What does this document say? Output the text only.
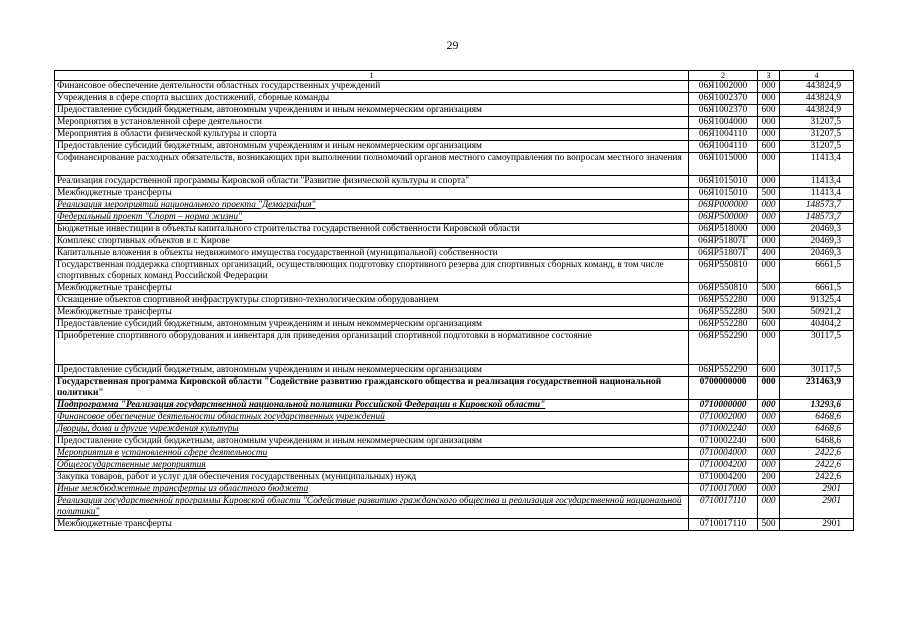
29
1	2	3	4
Финансовое обеспечение деятельности областных государственных учреждений	06Я1002000	000	443824,9
Учреждения в сфере спорта высших достижений, сборные команды	06Я1002370	000	443824,9
Предоставление субсидий бюджетным, автономным учреждениям и иным некоммерческим организациям	06Я1002370	600	443824,9
Мероприятия в установленной сфере деятельности	06Я1004000	000	31207,5
Мероприятия в области физической культуры и спорта	06Я1004110	000	31207,5
Предоставление субсидий бюджетным, автономным учреждениям и иным некоммерческим организациям	06Я1004110	600	31207,5
Софинансирование расходных обязательств, возникающих при выполнении полномочий органов местного самоуправления по вопросам местного значения	06Я1015000	000	11413,4
Реализация государственной программы Кировской области "Развитие физической культуры и спорта"	06Я1015010	000	11413,4
Межбюджетные трансферты	06Я1015010	500	11413,4
Реализация мероприятий национального проекта "Демография"	06ЯP000000	000	148573,7
Федеральный проект "Спорт – норма жизни"	06ЯP500000	000	148573,7
Бюджетные инвестиции в объекты капитального строительства государственной собственности Кировской области	06ЯP518000	000	20469,3
Комплекс спортивных объектов в г. Кирове	06ЯP51807Г	000	20469,3
Капитальные вложения в объекты недвижимого имущества государственной (муниципальной) собственности	06ЯP51807Г	400	20469,3
Государственная поддержка спортивных организаций, осуществляющих подготовку спортивного резерва для спортивных сборных команд, в том числе спортивных сборных команд Российской Федерации	06ЯP550810	000	6661,5
Межбюджетные трансферты	06ЯP550810	500	6661,5
Оснащение объектов спортивной инфраструктуры спортивно-технологическим оборудованием	06ЯP552280	000	91325,4
Межбюджетные трансферты	06ЯP552280	500	50921,2
Предоставление субсидий бюджетным, автономным учреждениям и иным некоммерческим организациям	06ЯP552280	600	40404,2
Приобретение спортивного оборудования и инвентаря для приведения организаций спортивной подготовки в нормативное состояние	06ЯP552290	000	30117,5
Предоставление субсидий бюджетным, автономным учреждениям и иным некоммерческим организациям	06ЯP552290	600	30117,5
Государственная программа Кировской области "Содействие развитию гражданского общества и реализация государственной национальной политики"	0700000000	000	231463,9
Подпрограмма "Реализация государственной национальной политики Российской Федерации в Кировской области"	0710000000	000	13293,6
Финансовое обеспечение деятельности областных государственных учреждений	0710002000	000	6468,6
Дворцы, дома и другие учреждения культуры	0710002240	000	6468,6
Предоставление субсидий бюджетным, автономным учреждениям и иным некоммерческим организациям	0710002240	600	6468,6
Мероприятия в установленной сфере деятельности	0710004000	000	2422,6
Общегосударственные мероприятия	0710004200	000	2422,6
Закупка товаров, работ и услуг для обеспечения государственных (муниципальных) нужд	0710004200	200	2422,6
Иные межбюджетные трансферты из областного бюджета	0710017000	000	2901
Реализация государственной программы Кировской области "Содействие развитию гражданского общества и реализация государственной национальной политики"	0710017110	000	2901
Межбюджетные трансферты	0710017110	500	2901
